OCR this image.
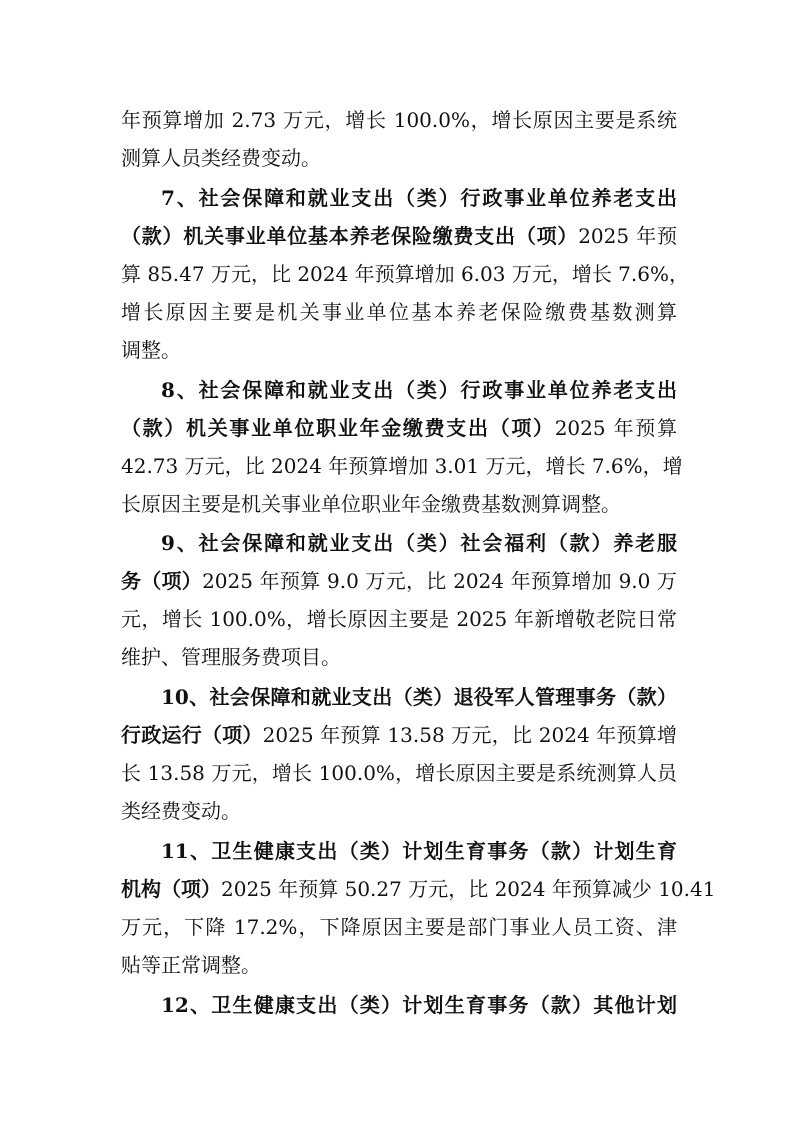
年预算增加 2.73 万元，增长 100.0%，增长原因主要是系统
测算人员类经费变动。
7、社会保障和就业支出（类）行政事业单位养老支出
（款）机关事业单位基本养老保险缴费支出（项）2025 年预
算 85.47 万元，比 2024 年预算增加 6.03 万元，增长 7.6%，
增长原因主要是机关事业单位基本养老保险缴费基数测算
调整。
8、社会保障和就业支出（类）行政事业单位养老支出
（款）机关事业单位职业年金缴费支出（项）2025 年预算
42.73 万元，比 2024 年预算增加 3.01 万元，增长 7.6%，增
长原因主要是机关事业单位职业年金缴费基数测算调整。
9、社会保障和就业支出（类）社会福利（款）养老服
务（项）2025 年预算 9.0 万元，比 2024 年预算增加 9.0 万
元，增长 100.0%，增长原因主要是 2025 年新增敬老院日常
维护、管理服务费项目。
10、社会保障和就业支出（类）退役军人管理事务（款）
行政运行（项）2025 年预算 13.58 万元，比 2024 年预算增
长 13.58 万元，增长 100.0%，增长原因主要是系统测算人员
类经费变动。
11、卫生健康支出（类）计划生育事务（款）计划生育
机构（项）2025 年预算 50.27 万元，比 2024 年预算减少 10.41
万元，下降 17.2%，下降原因主要是部门事业人员工资、津
贴等正常调整。
12、卫生健康支出（类）计划生育事务（款）其他计划
